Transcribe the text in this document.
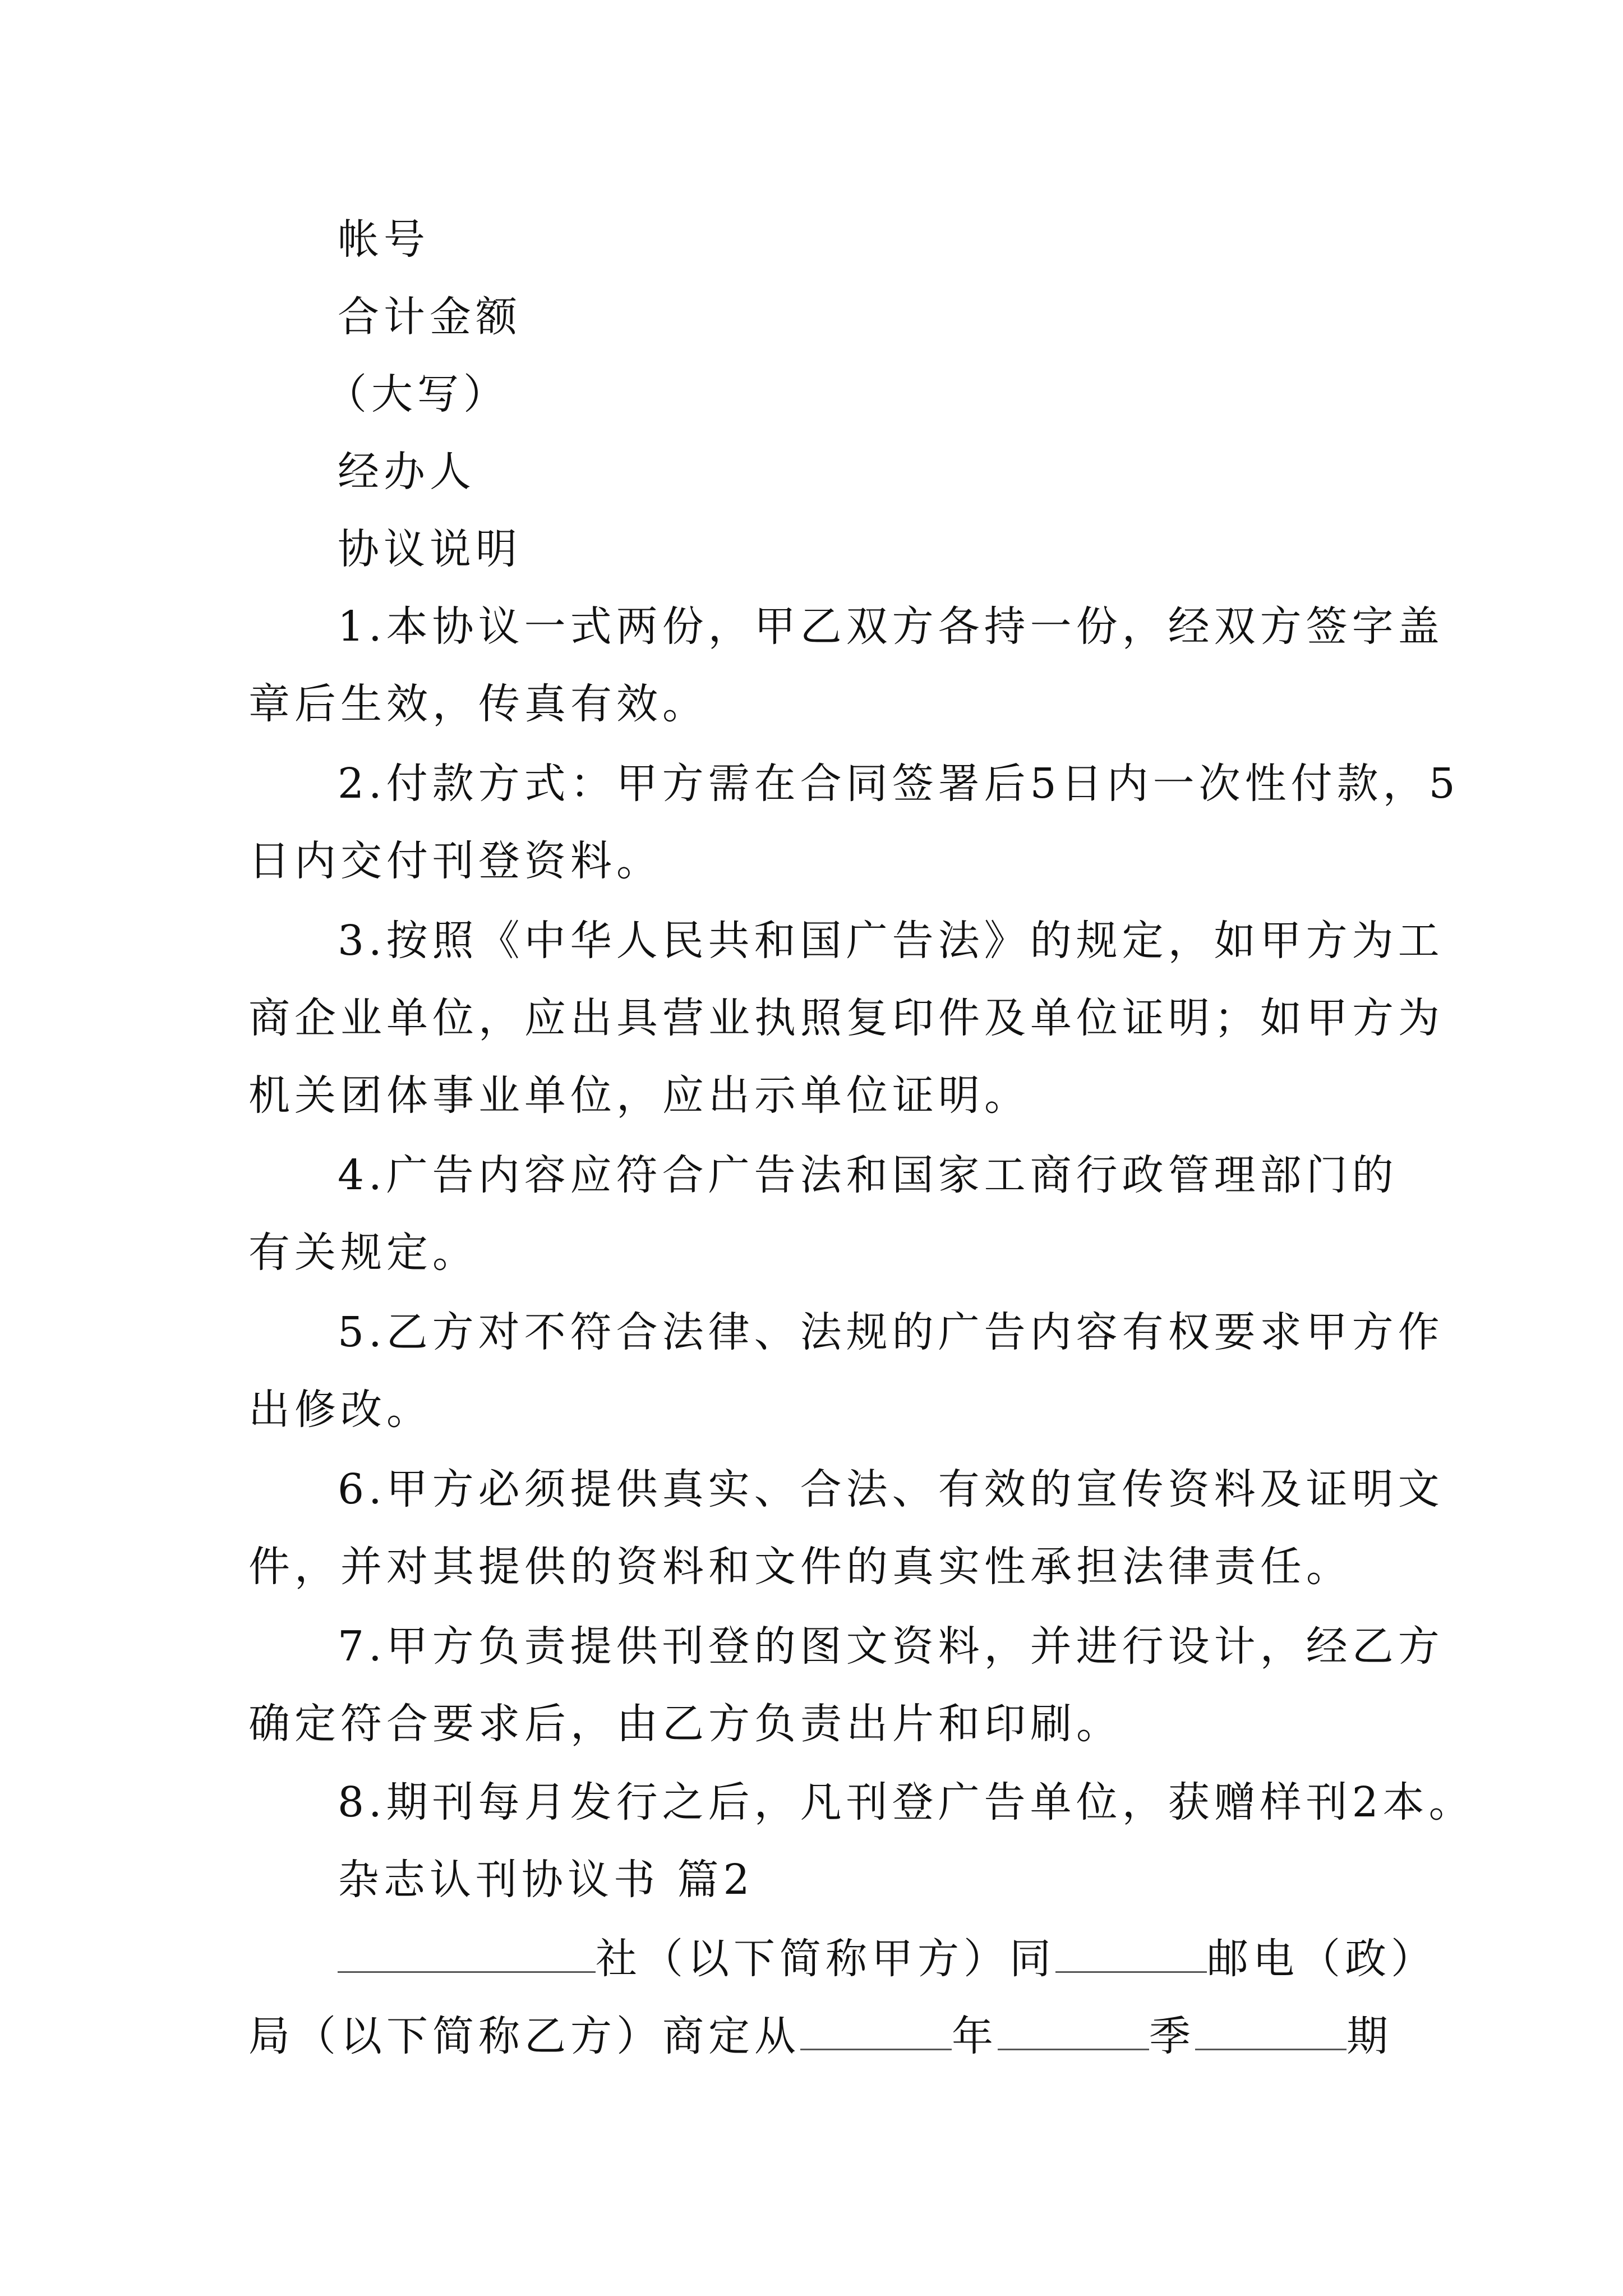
帐号
合计金额
（大写）
经办人
协议说明
1.本协议一式两份，甲乙双方各持一份，经双方签字盖
章后生效，传真有效。
2.付款方式：甲方需在合同签署后5日内一次性付款，5
日内交付刊登资料。
3.按照《中华人民共和国广告法》的规定，如甲方为工
商企业单位，应出具营业执照复印件及单位证明；如甲方为
机关团体事业单位，应出示单位证明。
4.广告内容应符合广告法和国家工商行政管理部门的
有关规定。
5.乙方对不符合法律、法规的广告内容有权要求甲方作
出修改。
6.甲方必须提供真实、合法、有效的宣传资料及证明文
件，并对其提供的资料和文件的真实性承担法律责任。
7.甲方负责提供刊登的图文资料，并进行设计，经乙方
确定符合要求后，由乙方负责出片和印刷。
8.期刊每月发行之后，凡刊登广告单位，获赠样刊2本。
杂志认刊协议书 篇2
社（以下简称甲方）同	邮电（政）
局（以下简称乙方）商定从	年	季	期
